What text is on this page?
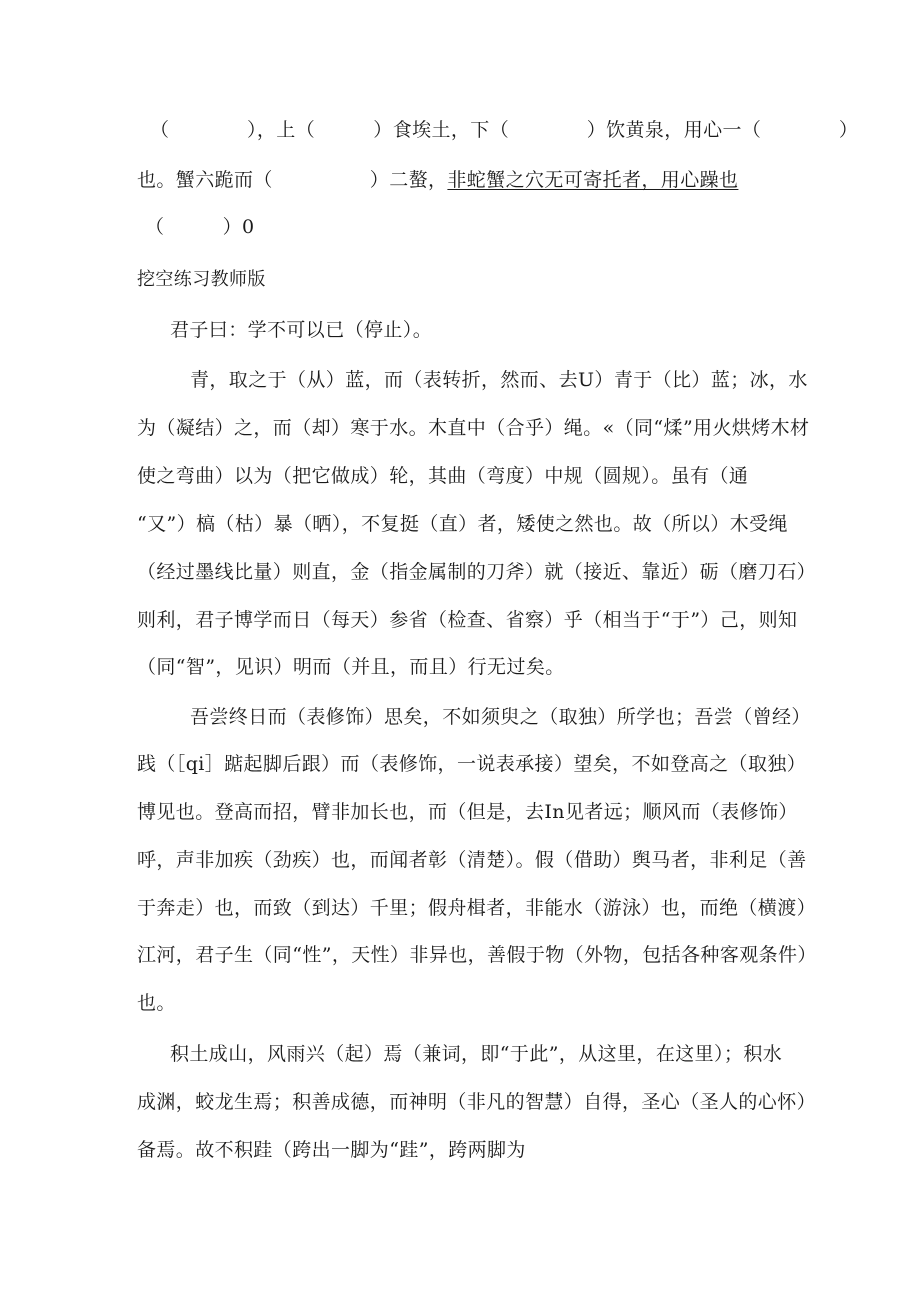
（　　　　），上（　　　）食埃土，下（　　　　）饮黄泉，用心一（　　　　）
也。蟹六跪而（　　　　　）二螯，非蛇蟹之穴无可寄托者，用心躁也
（　　　）0
挖空练习教师版
君子曰：学不可以已（停止）。
青，取之于（从）蓝，而（表转折，然而、去U）青于（比）蓝；冰，水
为（凝结）之，而（却）寒于水。木直中（合乎）绳。«（同“煣”用火烘烤木材
使之弯曲）以为（把它做成）轮，其曲（弯度）中规（圆规）。虽有（通
“又”）槁（枯）暴（晒），不复挺（直）者，矮使之然也。故（所以）木受绳
（经过墨线比量）则直，金（指金属制的刀斧）就（接近、靠近）砺（磨刀石）
则利，君子博学而日（每天）参省（检查、省察）乎（相当于“于”）己，则知
（同“智”，见识）明而（并且，而且）行无过矣。
吾尝终日而（表修饰）思矣，不如须臾之（取独）所学也；吾尝（曾经）
践（［qi］踮起脚后跟）而（表修饰，一说表承接）望矣，不如登高之（取独）
博见也。登高而招，臂非加长也，而（但是，去In见者远；顺风而（表修饰）
呼，声非加疾（劲疾）也，而闻者彰（清楚）。假（借助）舆马者，非利足（善
于奔走）也，而致（到达）千里；假舟楫者，非能水（游泳）也，而绝（横渡）
江河，君子生（同“性”，天性）非异也，善假于物（外物，包括各种客观条件）
也。
积土成山，风雨兴（起）焉（兼词，即“于此”，从这里，在这里）；积水
成渊，蛟龙生焉；积善成德，而神明（非凡的智慧）自得，圣心（圣人的心怀）
备焉。故不积跬（跨出一脚为“跬”，跨两脚为
